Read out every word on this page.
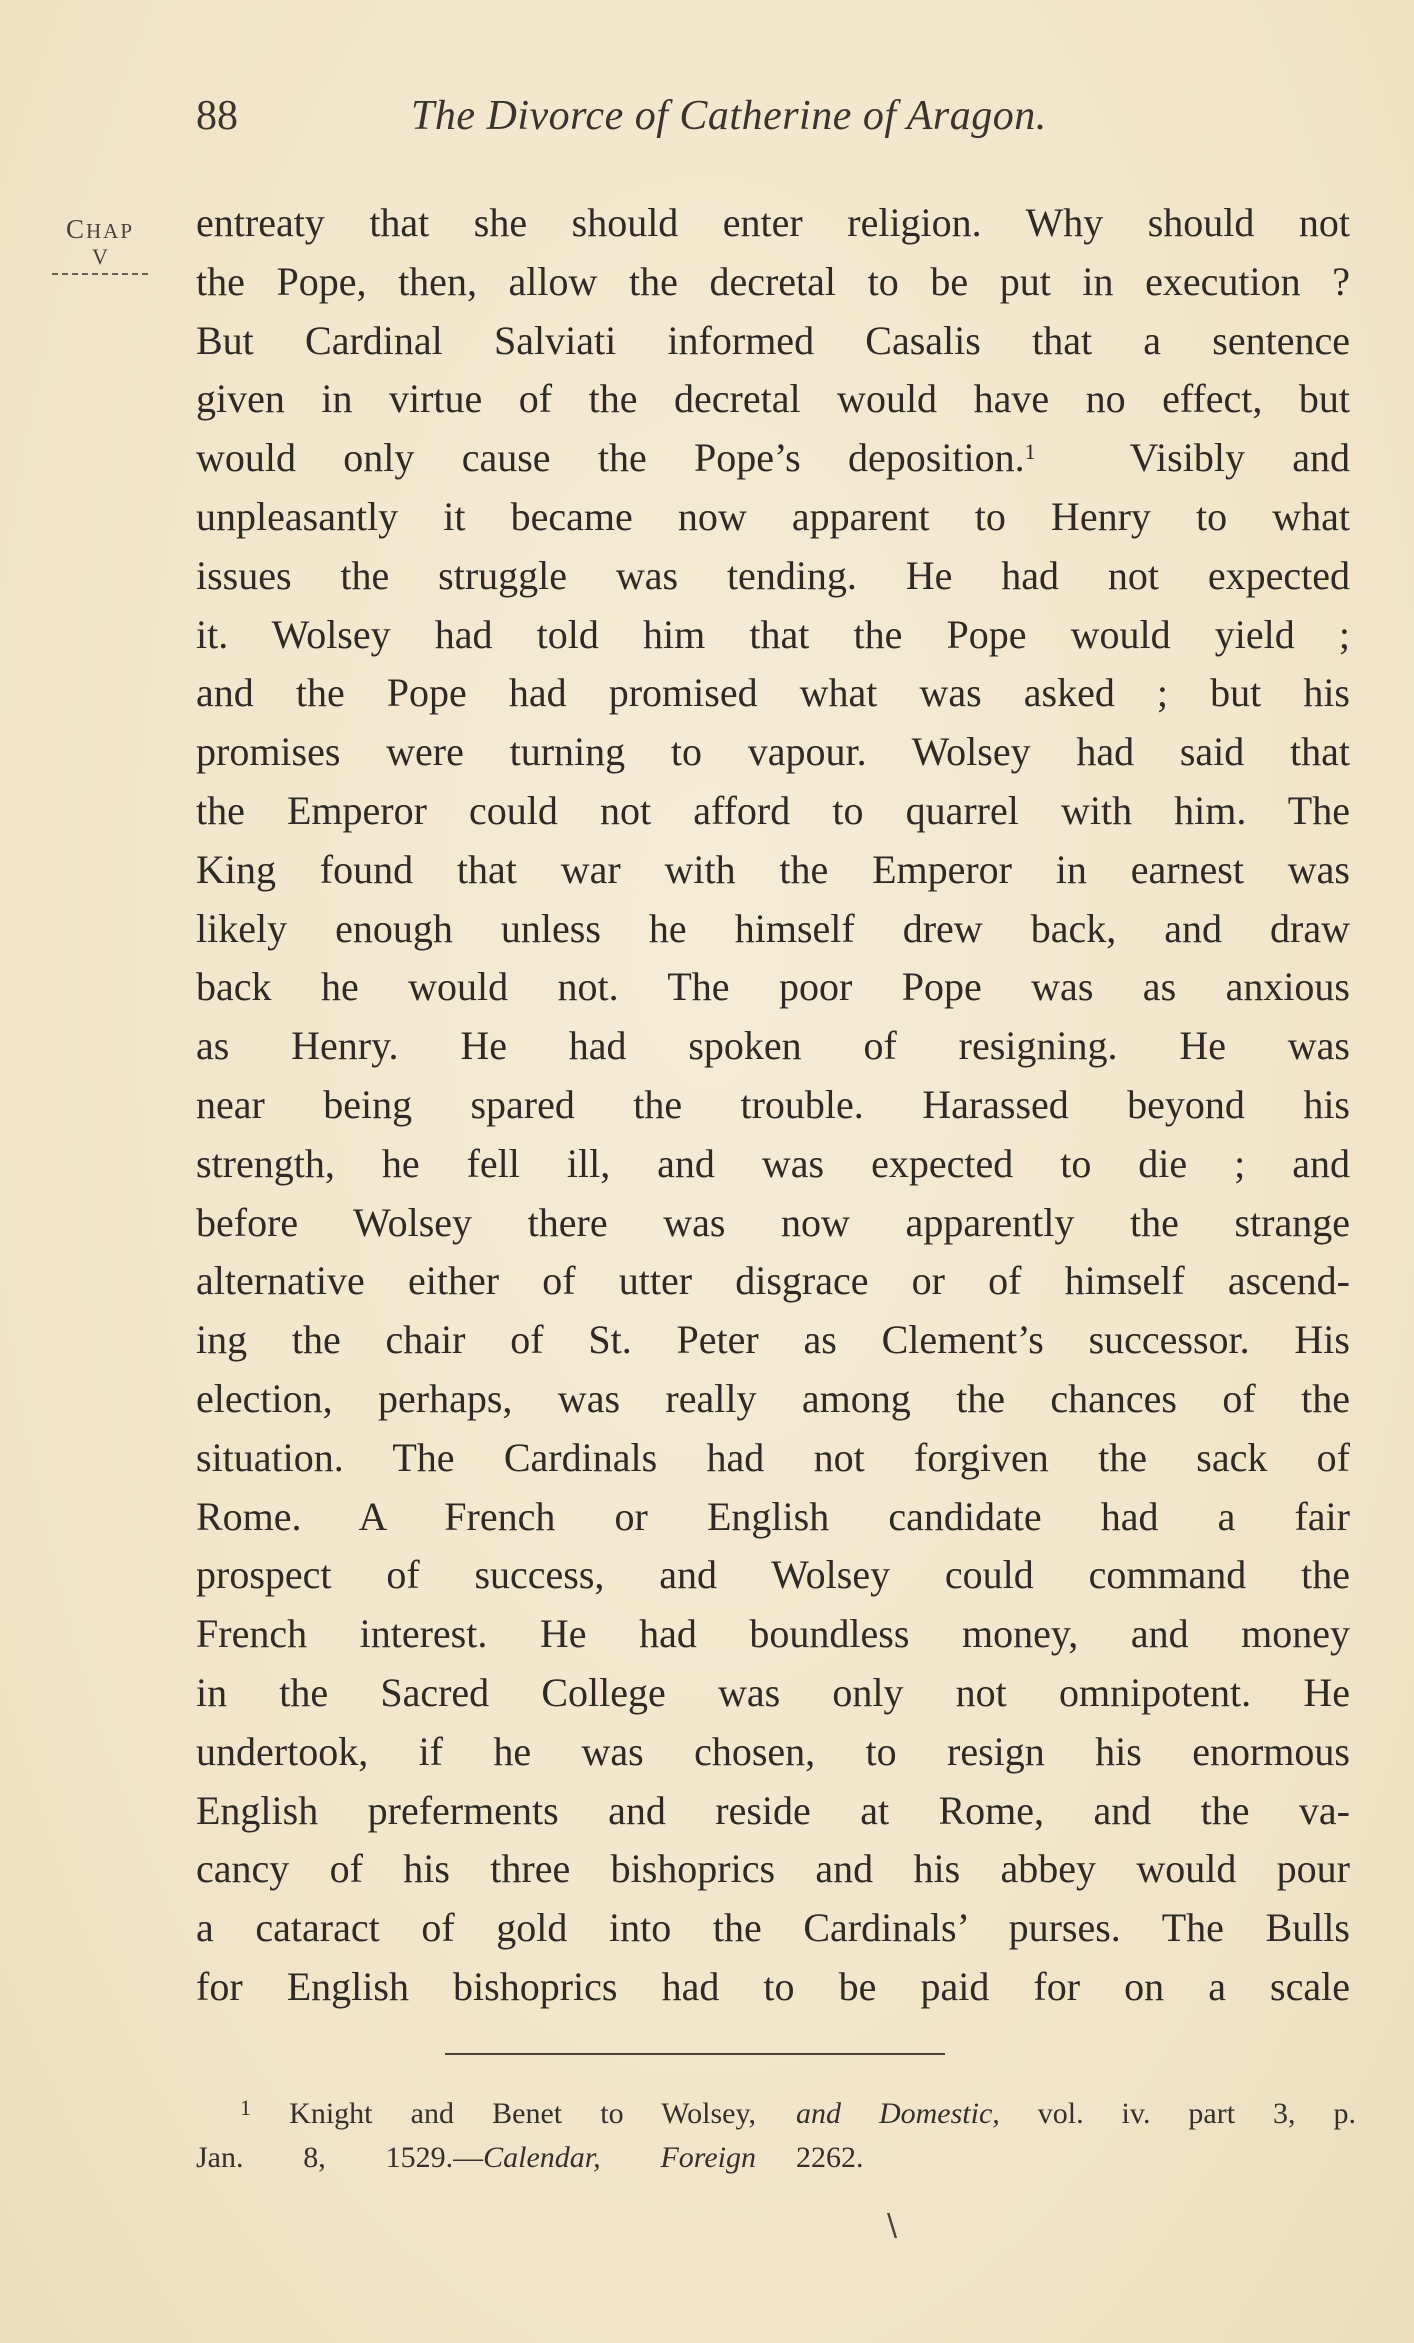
88	The Divorce of Catherine of Aragon.
CHAP
V
entreaty that she should enter religion. Why should not
the Pope, then, allow the decretal to be put in execution ?
But Cardinal Salviati informed Casalis that a sentence
given in virtue of the decretal would have no effect, but
would only cause the Pope’s deposition.$^1$  Visibly and
unpleasantly it became now apparent to Henry to what
issues the struggle was tending. He had not expected
it. Wolsey had told him that the Pope would yield ;
and the Pope had promised what was asked ; but his
promises were turning to vapour. Wolsey had said that
the Emperor could not afford to quarrel with him. The
King found that war with the Emperor in earnest was
likely enough unless he himself drew back, and draw
back he would not. The poor Pope was as anxious
as Henry. He had spoken of resigning. He was
near being spared the trouble. Harassed beyond his
strength, he fell ill, and was expected to die ; and
before Wolsey there was now apparently the strange
alternative either of utter disgrace or of himself ascend-
ing the chair of St. Peter as Clement’s successor. His
election, perhaps, was really among the chances of the
situation. The Cardinals had not forgiven the sack of
Rome. A French or English candidate had a fair
prospect of success, and Wolsey could command the
French interest. He had boundless money, and money
in the Sacred College was only not omnipotent. He
undertook, if he was chosen, to resign his enormous
English preferments and reside at Rome, and the va-
cancy of his three bishoprics and his abbey would pour
a cataract of gold into the Cardinals’ purses. The Bulls
for English bishoprics had to be paid for on a scale
$^1$ Knight and Benet to Wolsey,
Jan. 8, 1529.—Calendar, Foreign
and Domestic, vol. iv. part 3, p.
2262.
\
